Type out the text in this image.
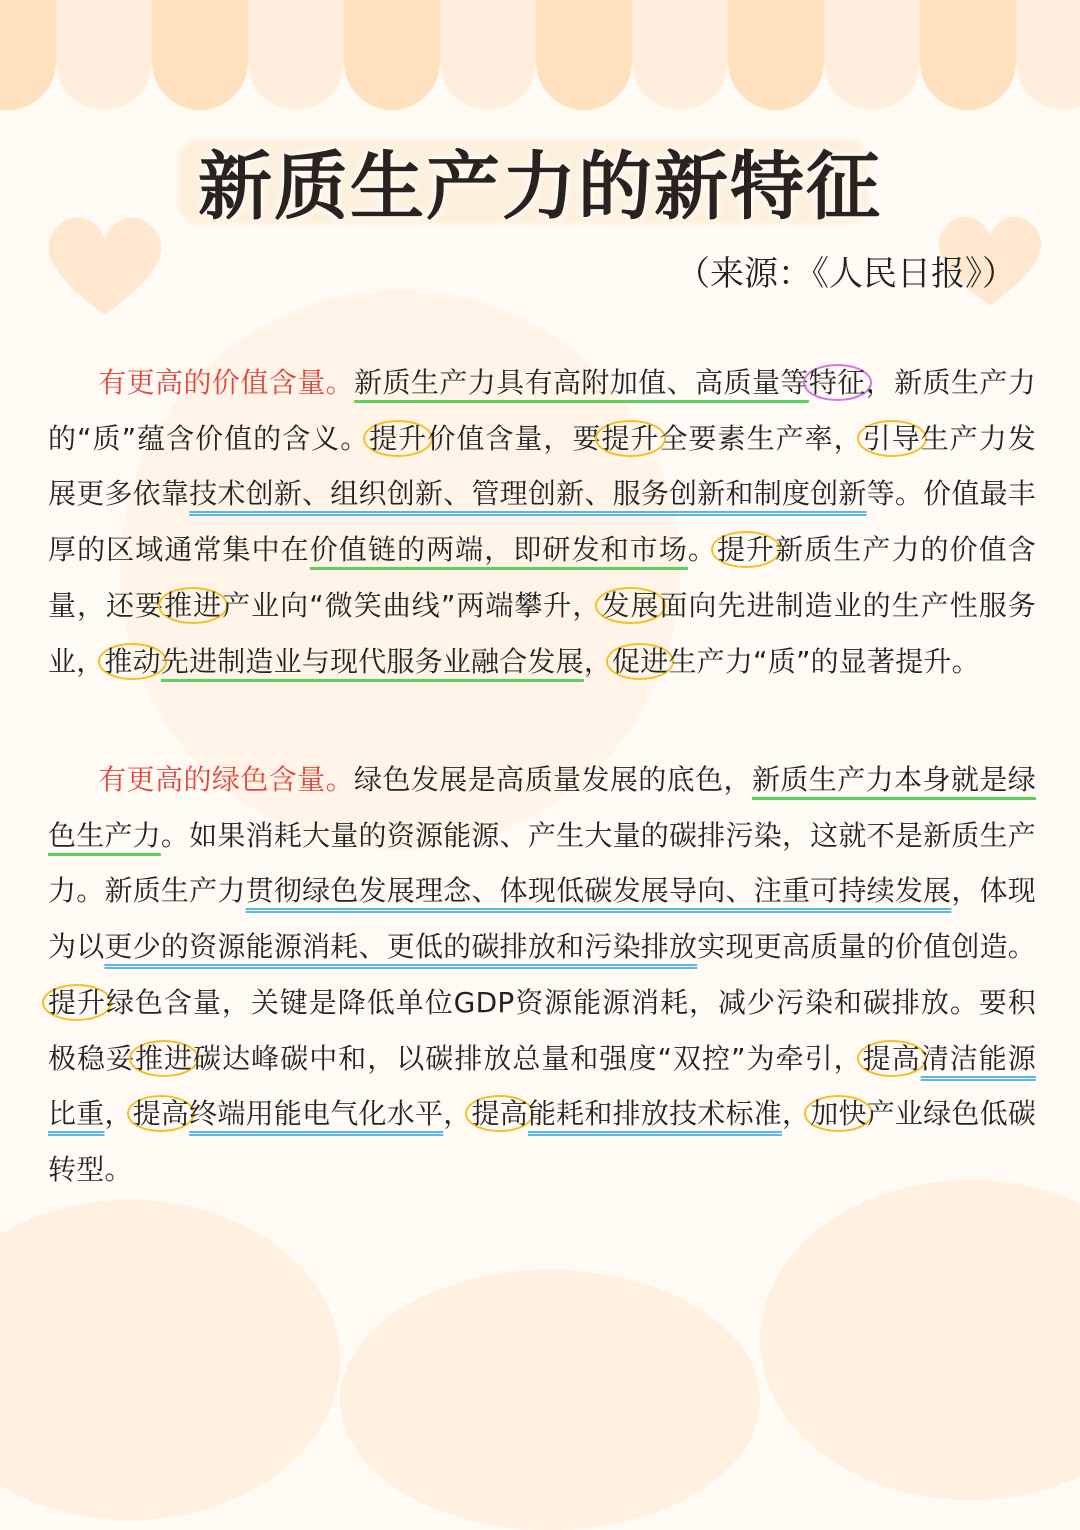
新质生产力的新特征
（来源：《人民日报》）
有更高的价值含量。新质生产力具有高附加值、高质量等特征，新质生产力的“质”蕴含价值的含义。提升价值含量，要提升全要素生产率，引导生产力发展更多依靠技术创新、组织创新、管理创新、服务创新和制度创新等。价值最丰厚的区域通常集中在价值链的两端，即研发和市场。提升新质生产力的价值含量，还要推进产业向“微笑曲线”两端攀升，发展面向先进制造业的生产性服务业，推动先进制造业与现代服务业融合发展，促进生产力“质”的显著提升。
有更高的绿色含量。绿色发展是高质量发展的底色，新质生产力本身就是绿色生产力。如果消耗大量的资源能源、产生大量的碳排污染，这就不是新质生产力。新质生产力贯彻绿色发展理念、体现低碳发展导向、注重可持续发展，体现为以更少的资源能源消耗、更低的碳排放和污染排放实现更高质量的价值创造。提升绿色含量，关键是降低单位GDP资源能源消耗，减少污染和碳排放。要积极稳妥推进碳达峰碳中和，以碳排放总量和强度“双控”为牵引，提高清洁能源比重，提高终端用能电气化水平，提高能耗和排放技术标准，加快产业绿色低碳转型。
